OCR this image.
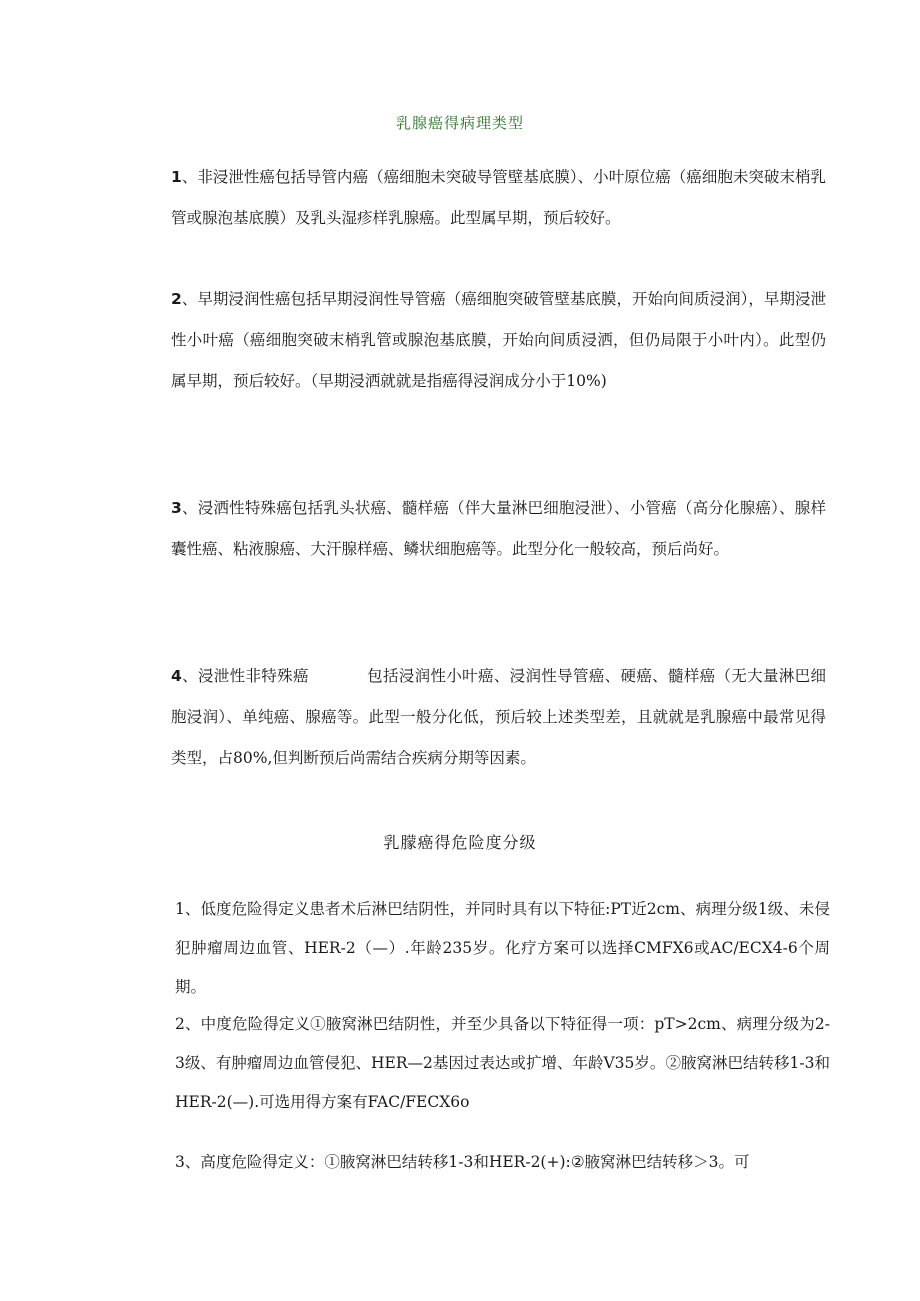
乳腺癌得病理类型

1、非浸泄性癌包括导管内癌（癌细胞未突破导管壁基底膜）、小叶原位癌（癌细胞未突破末梢乳管或腺泡基底膜）及乳头湿疹样乳腺癌。此型属早期，预后较好。

2、早期浸润性癌包括早期浸润性导管癌（癌细胞突破管壁基底膜，开始向间质浸润），早期浸泄性小叶癌（癌细胞突破末梢乳管或腺泡基底膜，开始向间质浸洒，但仍局限于小叶内）。此型仍属早期，预后较好。（早期浸洒就就是指癌得浸润成分小于10%)

3、浸洒性特殊癌包括乳头状癌、髓样癌（伴大量淋巴细胞浸泄）、小管癌（高分化腺癌）、腺样囊性癌、粘液腺癌、大汗腺样癌、鳞状细胞癌等。此型分化一般较高，预后尚好。

4、浸泄性非特殊癌	包括浸润性小叶癌、浸润性导管癌、硬癌、髓样癌（无大量淋巴细胞浸润）、单纯癌、腺癌等。此型一般分化低，预后较上述类型差，且就就是乳腺癌中最常见得类型，占80%,但判断预后尚需结合疾病分期等因素。

乳朦癌得危险度分级

1、低度危险得定义患者术后淋巴结阴性，并同时具有以下特征:PT近2cm、病理分级1级、未侵犯肿瘤周边血管、HER-2（—）.年龄235岁。化疗方案可以选择CMFX6或AC/ECX4-6个周期。

2、中度危险得定义①腋窝淋巴结阴性，并至少具备以下特征得一项：pT>2cm、病理分级为2-3级、有肿瘤周边血管侵犯、HER—2基因过表达或扩增、年龄V35岁。②腋窝淋巴结转移1-3和HER-2(—).可选用得方案有FAC/FECX6o

3、高度危险得定义：①腋窝淋巴结转移1-3和HER-2(+):②腋窝淋巴结转移＞3。可
